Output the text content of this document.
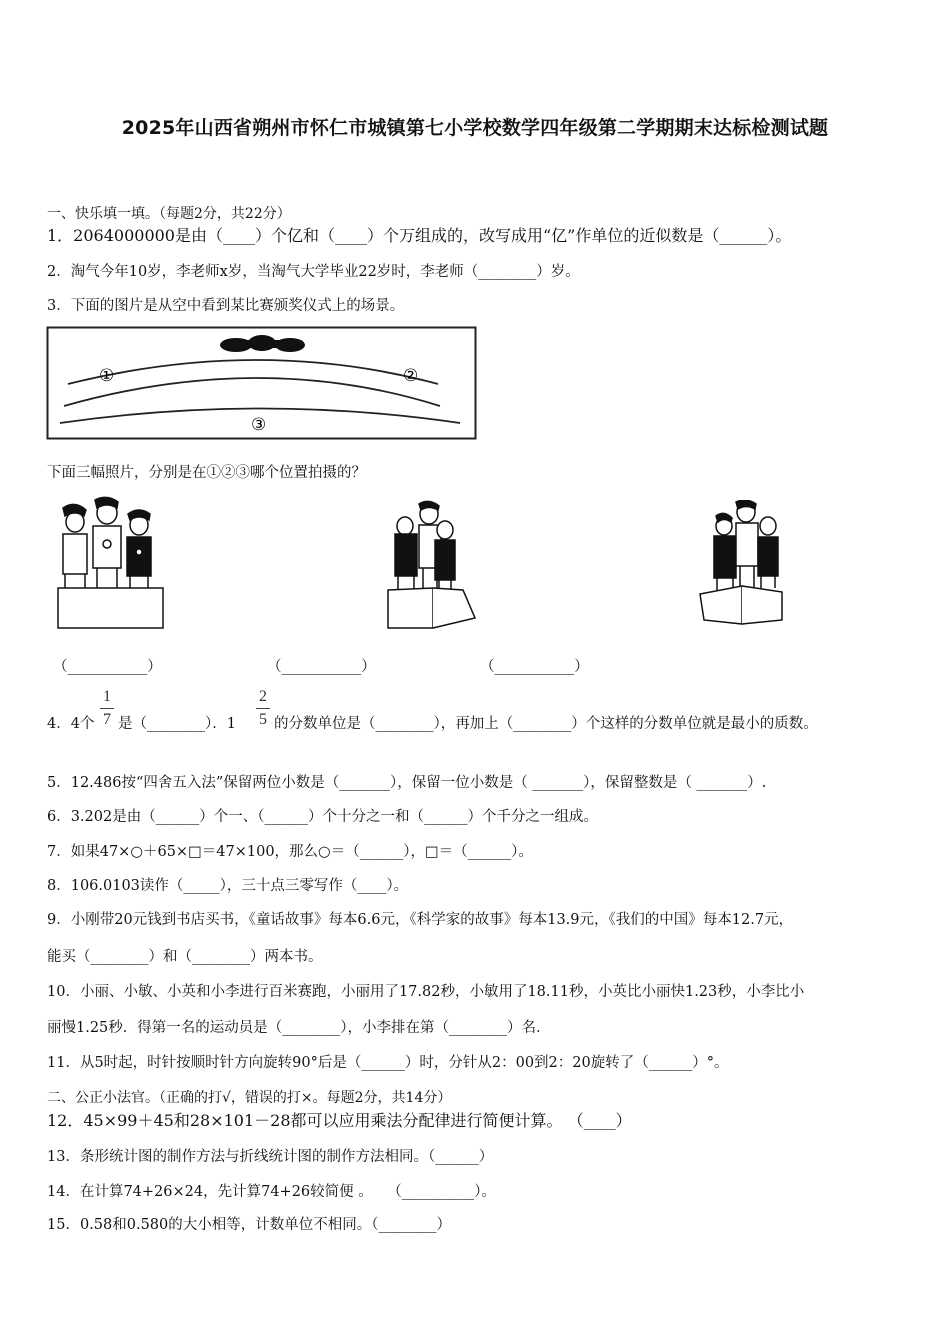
2025年山西省朔州市怀仁市城镇第七小学校数学四年级第二学期期末达标检测试题
一、快乐填一填。（每题2分，共22分）
1．2064000000是由（____）个亿和（____）个万组成的，改写成用“亿”作单位的近似数是（______）。
2．淘气今年10岁，李老师x岁，当淘气大学毕业22岁时，李老师（________）岁。
3．下面的图片是从空中看到某比赛颁奖仪式上的场景。
①	②
③
下面三幅照片，分别是在①②③哪个位置拍摄的？
（___________）	（___________）	（___________）
4．4个
1
7 是（________）．1
2
5 的分数单位是（________），再加上（________）个这样的分数单位就是最小的质数。
5．12.486按“四舍五入法”保留两位小数是（_______），保留一位小数是（ _______），保留整数是（ _______）.
6．3.202是由（______）个一、（______）个十分之一和（______）个千分之一组成。
7．如果47×○＋65×□＝47×100，那么○＝（______），□＝（______）。
8．106.0103读作（_____），三十点三零写作（____）。
9．小刚带20元钱到书店买书，《童话故事》每本6.6元，《科学家的故事》每本13.9元，《我们的中国》每本12.7元，
能买（________）和（________）两本书。
10．小丽、小敏、小英和小李进行百米赛跑，小丽用了17.82秒，小敏用了18.11秒，小英比小丽快1.23秒，小李比小
丽慢1.25秒．得第一名的运动员是（________），小李排在第（________）名．
11．从5时起，时针按顺时针方向旋转90°后是（______）时，分针从2：00到2：20旋转了（______）°。
二、公正小法官。（正确的打√，错误的打×。每题2分，共14分）
12．45×99＋45和28×101－28都可以应用乘法分配律进行简便计算。 （____）
13．条形统计图的制作方法与折线统计图的制作方法相同。（______）
14．在计算74+26×24，先计算74+26较简便 。　　（__________）。
15．0.58和0.580的大小相等，计数单位不相同。（________）
